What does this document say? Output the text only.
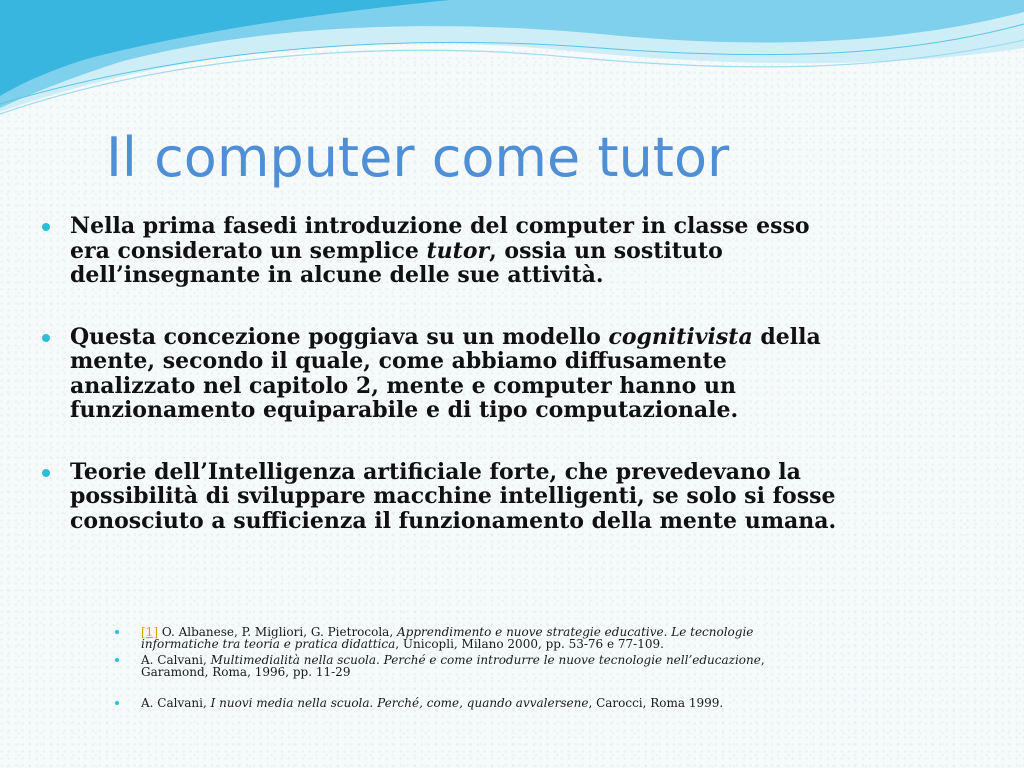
Il computer come tutor
Nella prima fasedi introduzione del computer in classe esso era considerato un semplice tutor, ossia un sostituto dell’insegnante in alcune delle sue attività.
Questa concezione poggiava su un modello cognitivista della mente, secondo il quale, come abbiamo diffusamente analizzato nel capitolo 2, mente e computer hanno un funzionamento equiparabile e di tipo computazionale.
Teorie dell’Intelligenza artificiale forte, che prevedevano la possibilità di sviluppare macchine intelligenti, se solo si fosse conosciuto a sufficienza il funzionamento della mente umana.
[1] O. Albanese, P. Migliori, G. Pietrocola, Apprendimento e nuove strategie educative. Le tecnologie informatiche tra teoria e pratica didattica, Unicopli, Milano 2000, pp. 53-76 e 77-109.
A. Calvani, Multimedialità nella scuola. Perché e come introdurre le nuove tecnologie nell’educazione, Garamond, Roma, 1996, pp. 11-29
A. Calvani, I nuovi media nella scuola. Perché, come, quando avvalersene, Carocci, Roma 1999.
